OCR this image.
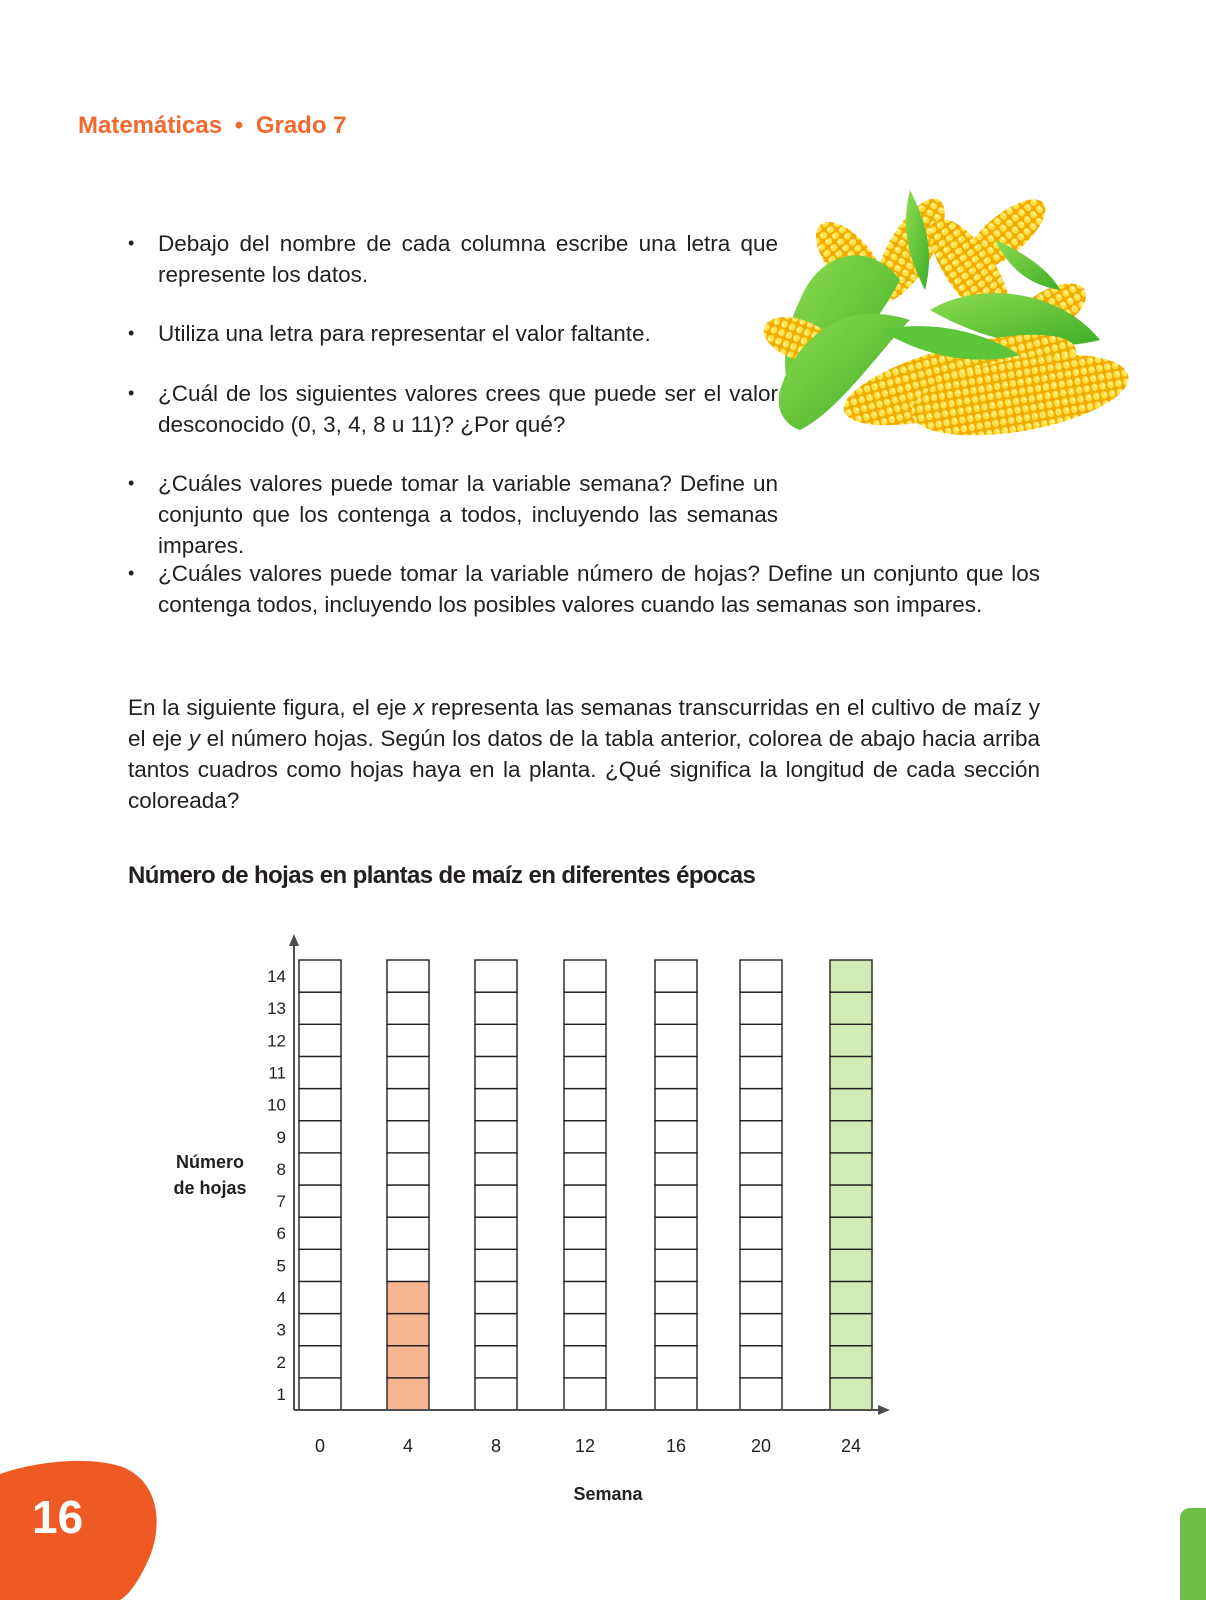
Matemáticas • Grado 7
• Debajo del nombre de cada columna escribe una letra que represente los datos.
• Utiliza una letra para representar el valor faltante.
• ¿Cuál de los siguientes valores crees que puede ser el valor desconocido (0, 3, 4, 8 u 11)? ¿Por qué?
• ¿Cuáles valores puede tomar la variable semana? Define un conjunto que los contenga a todos, incluyendo las semanas impares.
• ¿Cuáles valores puede tomar la variable número de hojas? Define un conjunto que los contenga todos, incluyendo los posibles valores cuando las semanas son impares.

En la siguiente figura, el eje x representa las semanas transcurridas en el cultivo de maíz y el eje y el número hojas. Según los datos de la tabla anterior, colorea de abajo hacia arriba tantos cuadros como hojas haya en la planta. ¿Qué significa la longitud de cada sección coloreada?

Número de hojas en plantas de maíz en diferentes épocas
0	4	8	12	16	20	24
1
2
3
4
5
6
7
8
9
10
11
12
13
14
Número
de hojas
Semana
16
